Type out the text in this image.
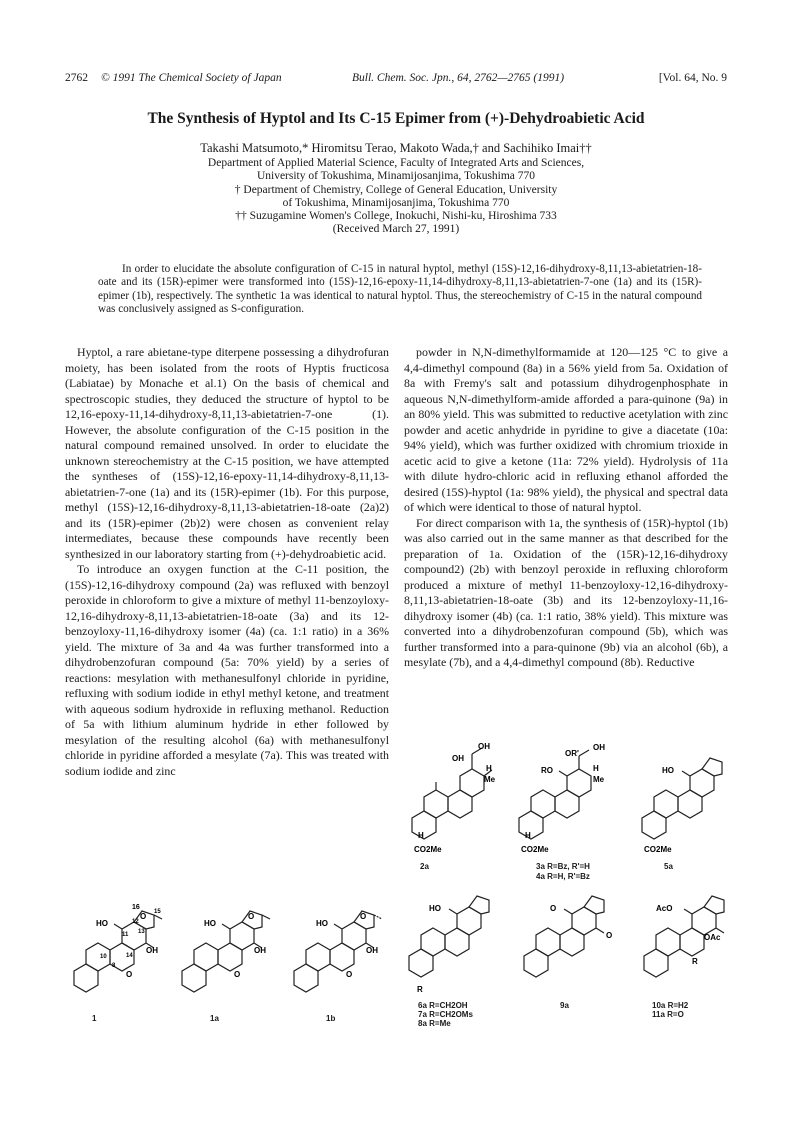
2762 © 1991 The Chemical Society of Japan	Bull. Chem. Soc. Jpn., 64, 2762—2765 (1991)	[Vol. 64, No. 9
The Synthesis of Hyptol and Its C-15 Epimer from (+)-Dehydroabietic Acid
Takashi Matsumoto,* Hiromitsu Terao, Makoto Wada,† and Sachihiko Imai††
Department of Applied Material Science, Faculty of Integrated Arts and Sciences,
University of Tokushima, Minamijosanjima, Tokushima 770
† Department of Chemistry, College of General Education, University
of Tokushima, Minamijosanjima, Tokushima 770
†† Suzugamine Women's College, Inokuchi, Nishi-ku, Hiroshima 733
(Received March 27, 1991)
In order to elucidate the absolute configuration of C-15 in natural hyptol, methyl (15S)-12,16-dihydroxy-8,11,13-abietatrien-18-oate and its (15R)-epimer were transformed into (15S)-12,16-epoxy-11,14-dihydroxy-8,11,13-abietatrien-7-one (1a) and its (15R)-epimer (1b), respectively. The synthetic 1a was identical to natural hyptol. Thus, the stereochemistry of C-15 in the natural compound was conclusively assigned as S-configuration.

Hyptol, a rare abietane-type diterpene possessing a dihydrofuran moiety, has been isolated from the roots of Hyptis fructicosa (Labiatae) by Monache et al.1) On the basis of chemical and spectroscopic studies, they deduced the structure of hyptol to be 12,16-epoxy-11,14-dihydroxy-8,11,13-abietatrien-7-one (1). However, the absolute configuration of the C-15 position in the natural compound remained unsolved. In order to elucidate the unknown stereochemistry at the C-15 position, we have attempted the syntheses of (15S)-12,16-epoxy-11,14-dihydroxy-8,11,13-abietatrien-7-one (1a) and its (15R)-epimer (1b). For this purpose, methyl (15S)-12,16-dihydroxy-8,11,13-abietatrien-18-oate (2a)2) and its (15R)-epimer (2b)2) were chosen as convenient relay intermediates, because these compounds have recently been synthesized in our laboratory starting from (+)-dehydroabietic acid.

To introduce an oxygen function at the C-11 position, the (15S)-12,16-dihydroxy compound (2a) was refluxed with benzoyl peroxide in chloroform to give a mixture of methyl 11-benzoyloxy-12,16-dihydroxy-8,11,13-abietatrien-18-oate (3a) and its 12-benzoyloxy-11,16-dihydroxy isomer (4a) (ca. 1:1 ratio) in a 36% yield. The mixture of 3a and 4a was further transformed into a dihydrobenzofuran compound (5a: 70% yield) by a series of reactions: mesylation with methanesulfonyl chloride in pyridine, refluxing with sodium iodide in ethyl methyl ketone, and treatment with aqueous sodium hydroxide in refluxing methanol. Reduction of 5a with lithium aluminum hydride in ether followed by mesylation of the resulting alcohol (6a) with methanesulfonyl chloride in pyridine afforded a mesylate (7a). This was treated with sodium iodide and zinc

powder in N,N-dimethylformamide at 120—125 °C to give a 4,4-dimethyl compound (8a) in a 56% yield from 5a. Oxidation of 8a with Fremy's salt and potassium dihydrogenphosphate in aqueous N,N-dimethylform-amide afforded a para-quinone (9a) in an 80% yield. This was submitted to reductive acetylation with zinc powder and acetic anhydride in pyridine to give a diacetate (10a: 94% yield), which was further oxidized with chromium trioxide in acetic acid to give a ketone (11a: 72% yield). Hydrolysis of 11a with dilute hydro-chloric acid in refluxing ethanol afforded the desired (15S)-hyptol (1a: 98% yield), the physical and spectral data of which were identical to those of natural hyptol.

For direct comparison with 1a, the synthesis of (15R)-hyptol (1b) was also carried out in the same manner as that described for the preparation of 1a. Oxidation of the (15R)-12,16-dihydroxy compound2) (2b) with benzoyl peroxide in refluxing chloroform produced a mixture of methyl 11-benzoyloxy-12,16-dihydroxy-8,11,13-abietatrien-18-oate (3b) and its 12-benzoyloxy-11,16-dihydroxy isomer (4b) (ca. 1:1 ratio, 38% yield). This mixture was converted into a dihydrobenzofuran compound (5b), which was further transformed into a para-quinone (9b) via an alcohol (6b), a mesylate (7b), and a 4,4-dimethyl compound (8b). Reductive

OH
OH
H
Me
H
CO2Me
2a
OH
OR'
RO	H
Me
H
CO2Me
3a R=Bz, R'=H
4a R=H, R'=Bz
HO
CO2Me
5a
16
12
11
15
13
10	14
8
O
HO
OH
O
1
O
HO
OH
O
1a
O
HO
OH
O
1b
HO
R
6a R=CH2OH
7a R=CH2OMs
8a R=Me
O
O
9a
AcO
OAc
R
10a R=H2
11a R=O
